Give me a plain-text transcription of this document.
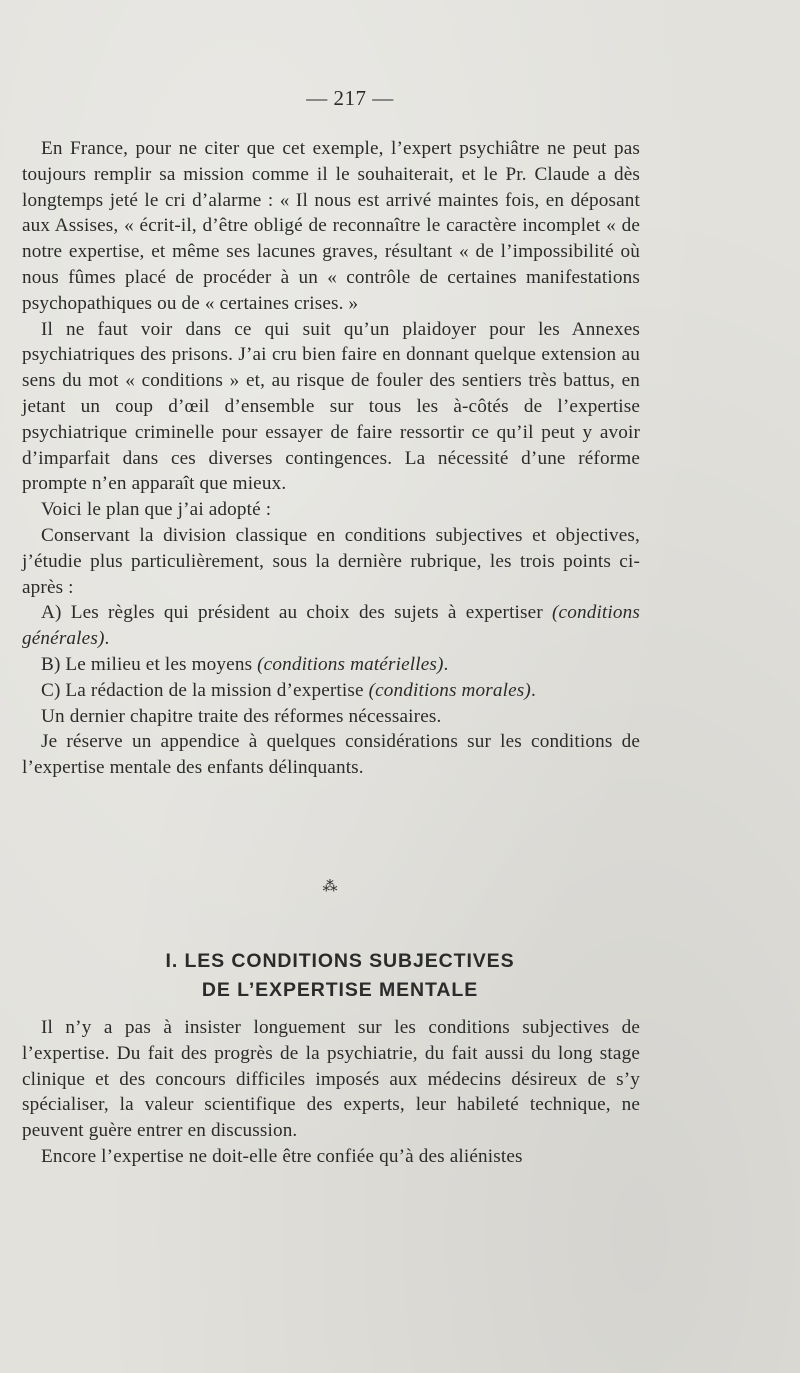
— 217 —

En France, pour ne citer que cet exemple, l’expert psychiâtre ne peut pas toujours remplir sa mission comme il le souhaiterait, et le Pr. Claude a dès longtemps jeté le cri d’alarme : « Il nous est arrivé maintes fois, en déposant aux Assises, « écrit-il, d’être obligé de reconnaître le caractère incomplet « de notre expertise, et même ses lacunes graves, résultant « de l’impossibilité où nous fûmes placé de procéder à un « contrôle de certaines manifestations psychopathiques ou de « certaines crises. »

Il ne faut voir dans ce qui suit qu’un plaidoyer pour les Annexes psychiatriques des prisons. J’ai cru bien faire en donnant quelque extension au sens du mot « conditions » et, au risque de fouler des sentiers très battus, en jetant un coup d’œil d’ensemble sur tous les à-côtés de l’expertise psychiatrique criminelle pour essayer de faire ressortir ce qu’il peut y avoir d’imparfait dans ces diverses contingences. La nécessité d’une réforme prompte n’en apparaît que mieux.

Voici le plan que j’ai adopté :

Conservant la division classique en conditions subjectives et objectives, j’étudie plus particulièrement, sous la dernière rubrique, les trois points ci-après :

A) Les règles qui président au choix des sujets à expertiser (conditions générales).

B) Le milieu et les moyens (conditions matérielles).

C) La rédaction de la mission d’expertise (conditions morales).

Un dernier chapitre traite des réformes nécessaires.

Je réserve un appendice à quelques considérations sur les conditions de l’expertise mentale des enfants délinquants.

⁂
I. LES CONDITIONS SUBJECTIVES
DE L’EXPERTISE MENTALE

Il n’y a pas à insister longuement sur les conditions subjectives de l’expertise. Du fait des progrès de la psychiatrie, du fait aussi du long stage clinique et des concours difficiles imposés aux médecins désireux de s’y spécialiser, la valeur scientifique des experts, leur habileté technique, ne peuvent guère entrer en discussion.

Encore l’expertise ne doit-elle être confiée qu’à des aliénistes
